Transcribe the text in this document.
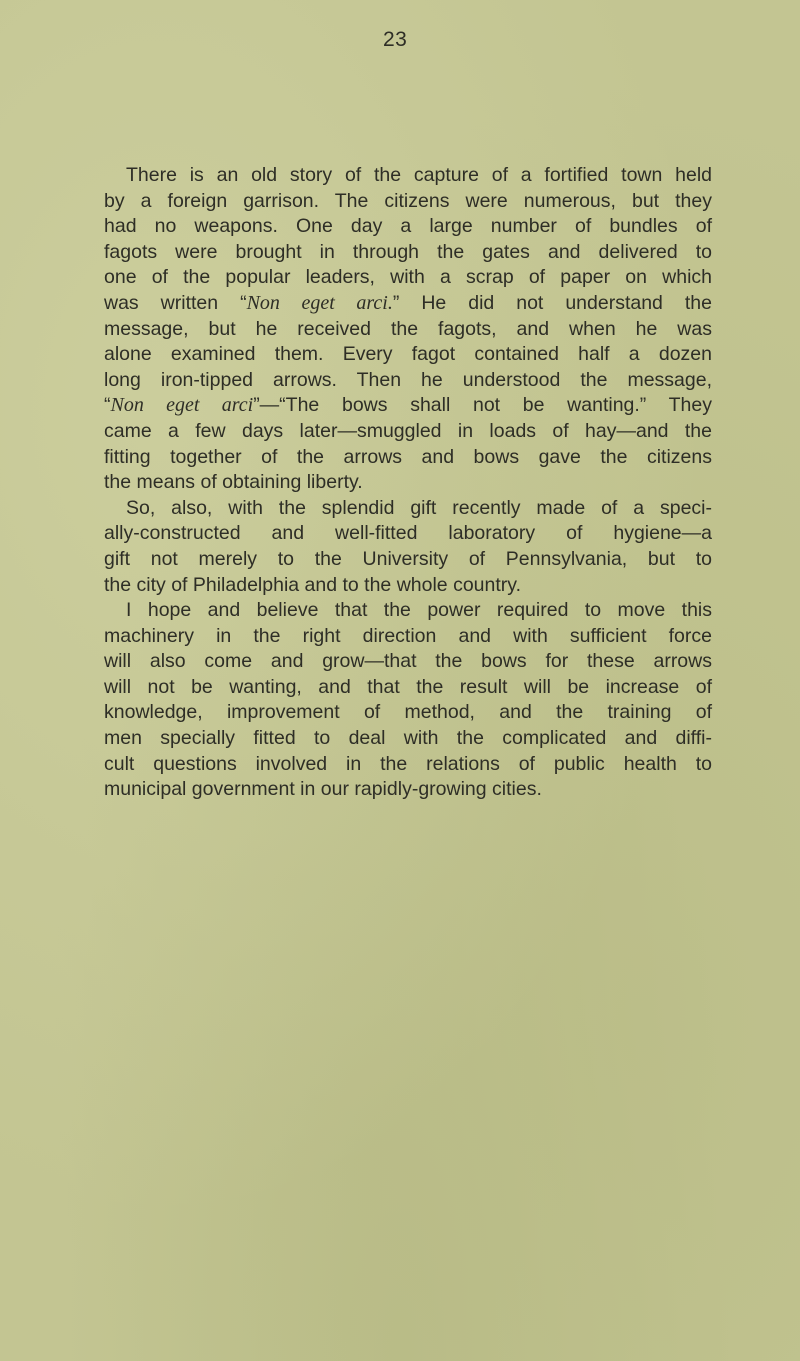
23
There is an old story of the capture of a fortified town held
by a foreign garrison. The citizens were numerous, but they
had no weapons. One day a large number of bundles of
fagots were brought in through the gates and delivered to
one of the popular leaders, with a scrap of paper on which
was written “Non eget arci.” He did not understand the
message, but he received the fagots, and when he was
alone examined them. Every fagot contained half a dozen
long iron-tipped arrows. Then he understood the message,
“Non eget arci”—“The bows shall not be wanting.” They
came a few days later—smuggled in loads of hay—and the
fitting together of the arrows and bows gave the citizens
the means of obtaining liberty.
So, also, with the splendid gift recently made of a speci-
ally-constructed and well-fitted laboratory of hygiene—a
gift not merely to the University of Pennsylvania, but to
the city of Philadelphia and to the whole country.
I hope and believe that the power required to move this
machinery in the right direction and with sufficient force
will also come and grow—that the bows for these arrows
will not be wanting, and that the result will be increase of
knowledge, improvement of method, and the training of
men specially fitted to deal with the complicated and diffi-
cult questions involved in the relations of public health to
municipal government in our rapidly-growing cities.
